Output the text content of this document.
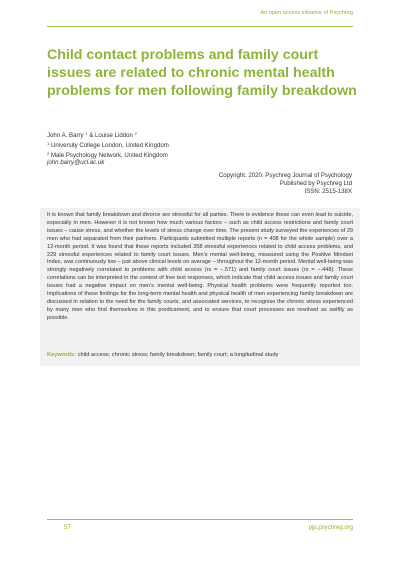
An open access initiative of Psychreg
Child contact problems and family court issues are related to chronic mental health problems for men following family breakdown
John A. Barry $^1$ & Louise Liddon $^2$
$^1$ University College London, United Kingdom
$^2$ Male Psychology Network, United Kingdom
john.barry@ucl.ac.uk
Copyright. 2020. Psychreg Journal of Psychology
Published by Psychreg Ltd
ISSN: 2515-138X

It is known that family breakdown and divorce are stressful for all parties. There is evidence these can even lead to suicide, especially in men. However it is not known how much various factors – such as child access restrictions and family court issues – cause stress, and whether the levels of stress change over time. The present study surveyed the experiences of 29 men who had separated from their partners. Participants submitted multiple reports (n = 408 for the whole sample) over a 12-month period. It was found that these reports included 358 stressful experiences related to child access problems, and 229 stressful experiences related to family court issues. Men’s mental well-being, measured using the Positive Mindset Index, was continuously low – just above clinical levels on average – throughout the 12-month period. Mental well-being was strongly negatively correlated to problems with child access (rs = −.571) and family court issues (rs = −.448). These correlations can be interpreted in the context of free text responses, which indicate that child access issues and family court issues had a negative impact on men’s mental well-being. Physical health problems were frequently reported too. Implications of these findings for the long-term mental health and physical health of men experiencing family breakdown are discussed in relation to the need for the family courts, and associated services, to recognise the chronic stress experienced by many men who find themselves in this predicament, and to ensure that court processes are resolved as swiftly as possible.

Keywords: child access; chronic stress; family breakdown; family court; a longitudinal study

57	pjp.psychreg.org
